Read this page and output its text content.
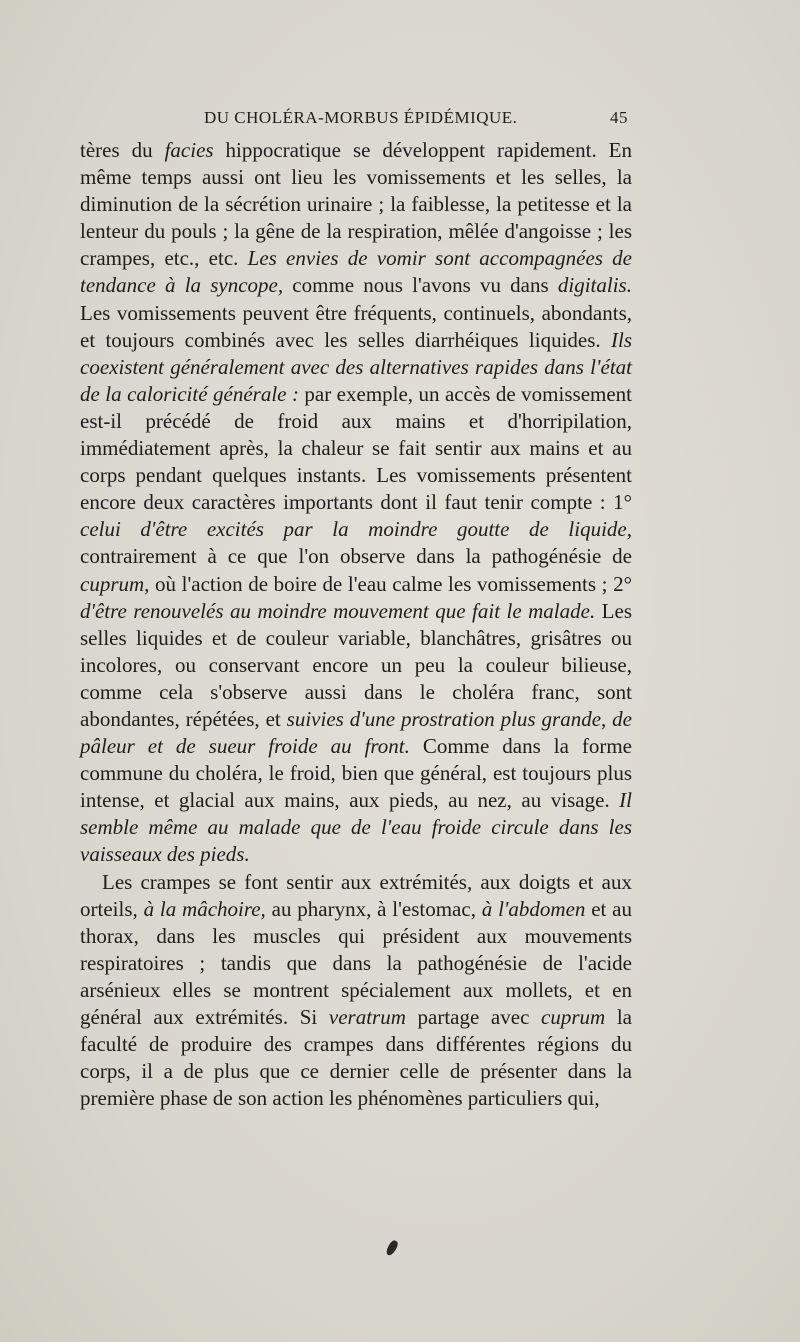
DU CHOLÉRA-MORBUS ÉPIDÉMIQUE.	45

tères du facies hippocratique se développent rapidement. En même temps aussi ont lieu les vomissements et les selles, la diminution de la sécrétion urinaire ; la faiblesse, la petitesse et la lenteur du pouls ; la gêne de la respiration, mêlée d'angoisse ; les crampes, etc., etc. Les envies de vomir sont accompagnées de tendance à la syncope, comme nous l'avons vu dans digitalis. Les vomissements peuvent être fréquents, continuels, abondants, et toujours combinés avec les selles diarrhéiques liquides. Ils coexistent généralement avec des alternatives rapides dans l'état de la caloricité générale : par exemple, un accès de vomissement est-il précédé de froid aux mains et d'horripilation, immédiatement après, la chaleur se fait sentir aux mains et au corps pendant quelques instants. Les vomissements présentent encore deux caractères importants dont il faut tenir compte : 1° celui d'être excités par la moindre goutte de liquide, contrairement à ce que l'on observe dans la pathogénésie de cuprum, où l'action de boire de l'eau calme les vomissements ; 2° d'être renouvelés au moindre mouvement que fait le malade. Les selles liquides et de couleur variable, blanchâtres, grisâtres ou incolores, ou conservant encore un peu la couleur bilieuse, comme cela s'observe aussi dans le choléra franc, sont abondantes, répétées, et suivies d'une prostration plus grande, de pâleur et de sueur froide au front. Comme dans la forme commune du choléra, le froid, bien que général, est toujours plus intense, et glacial aux mains, aux pieds, au nez, au visage. Il semble même au malade que de l'eau froide circule dans les vaisseaux des pieds.

Les crampes se font sentir aux extrémités, aux doigts et aux orteils, à la mâchoire, au pharynx, à l'estomac, à l'abdomen et au thorax, dans les muscles qui président aux mouvements respiratoires ; tandis que dans la pathogénésie de l'acide arsénieux elles se montrent spécialement aux mollets, et en général aux extrémités. Si veratrum partage avec cuprum la faculté de produire des crampes dans différentes régions du corps, il a de plus que ce dernier celle de présenter dans la première phase de son action les phénomènes particuliers qui,
